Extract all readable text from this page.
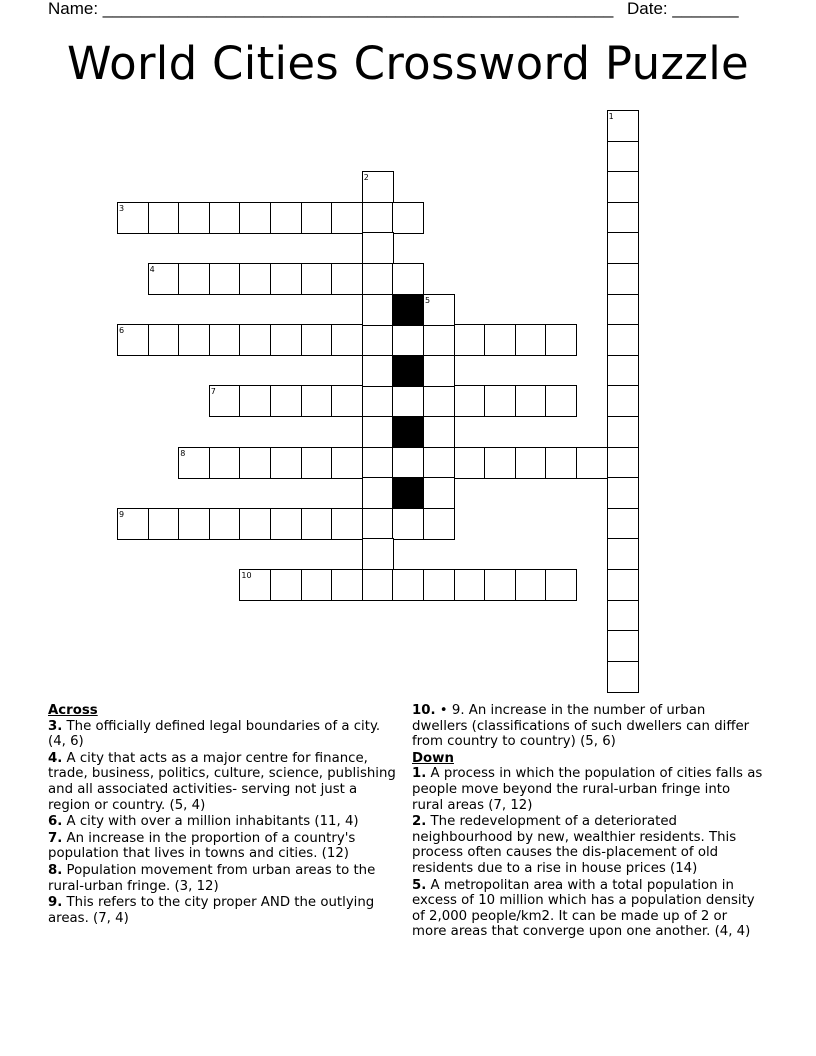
Name: ______________________________________________________ Date: _______
World Cities Crossword Puzzle
1
2
3
4
5
6
7
8
9
10
Across
3. The officially defined legal boundaries of a city. (4, 6)
4. A city that acts as a major centre for finance, trade, business, politics, culture, science, publishing and all associated activities- serving not just a region or country. (5, 4)
6. A city with over a million inhabitants (11, 4)
7. An increase in the proportion of a country's population that lives in towns and cities. (12)
8. Population movement from urban areas to the rural-urban fringe. (3, 12)
9. This refers to the city proper AND the outlying areas. (7, 4)
10. • 9. An increase in the number of urban dwellers (classifications of such dwellers can differ from country to country) (5, 6)
Down
1. A process in which the population of cities falls as people move beyond the rural-urban fringe into rural areas (7, 12)
2. The redevelopment of a deteriorated neighbourhood by new, wealthier residents. This process often causes the dis-placement of old residents due to a rise in house prices (14)
5. A metropolitan area with a total population in excess of 10 million which has a population density of 2,000 people/km2. It can be made up of 2 or more areas that converge upon one another. (4, 4)
